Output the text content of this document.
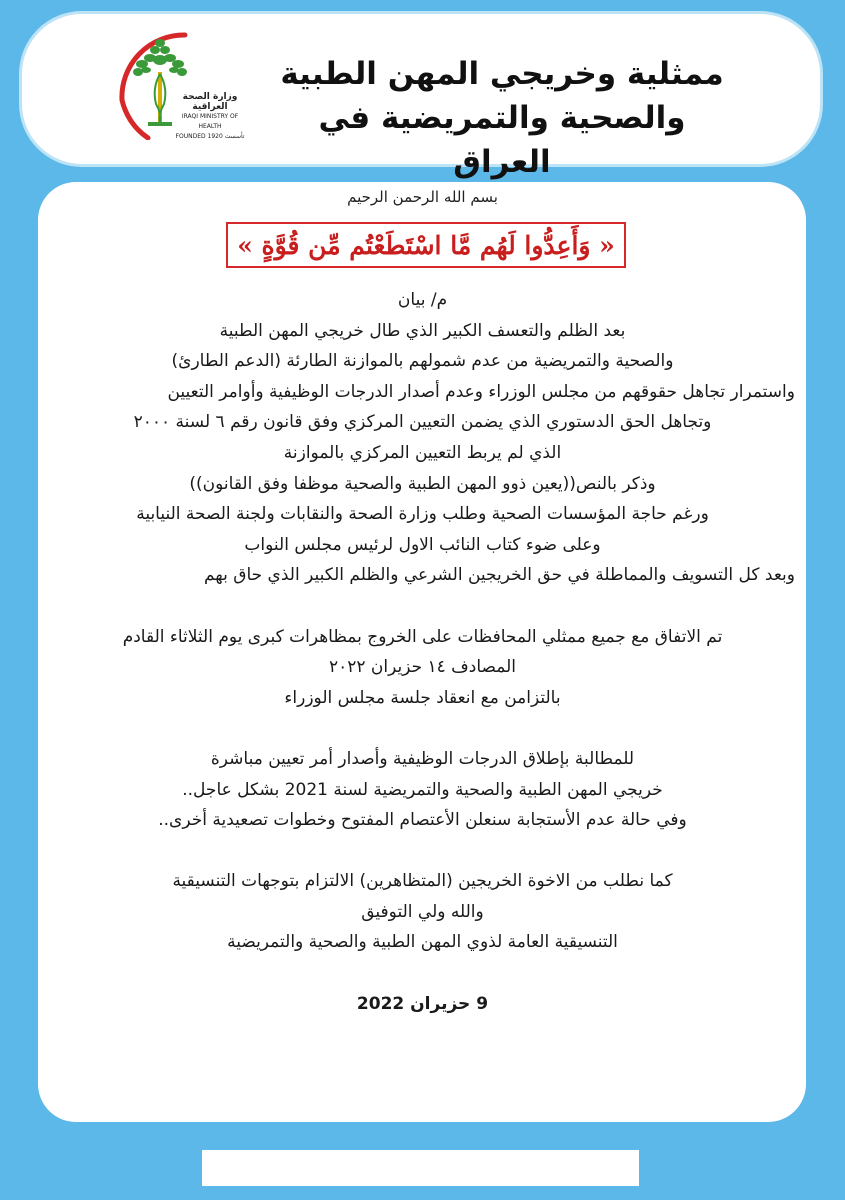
ممثلية وخريجي المهن الطبية
والصحية والتمريضية في العراق
وزارة الصحة العراقية
IRAQI MINISTRY OF HEALTH
FOUNDED 1920 تأسست
بسم الله الرحمن الرحيم
« وَأَعِدُّوا لَهُم مَّا اسْتَطَعْتُم مِّن قُوَّةٍ »
م/ بيان
بعد الظلم والتعسف الكبير الذي طال خريجي المهن الطبية
والصحية والتمريضية من عدم شمولهم بالموازنة الطارئة (الدعم الطارئ)
واستمرار تجاهل حقوقهم من مجلس الوزراء وعدم أصدار الدرجات الوظيفية وأوامر التعيين
وتجاهل الحق الدستوري الذي يضمن التعيين المركزي وفق قانون رقم ٦ لسنة ٢٠٠٠
الذي لم يربط التعيين المركزي بالموازنة
وذكر بالنص((يعين ذوو المهن الطبية والصحية موظفا وفق القانون))
ورغم حاجة المؤسسات الصحية وطلب وزارة الصحة والنقابات ولجنة الصحة النيابية
وعلى ضوء كتاب النائب الاول لرئيس مجلس النواب
وبعد كل التسويف والمماطلة في حق الخريجين الشرعي والظلم الكبير الذي حاق بهم
تم الاتفاق مع جميع ممثلي المحافظات على الخروج بمظاهرات كبرى يوم الثلاثاء القادم
المصادف ١٤ حزيران ٢٠٢٢
بالتزامن مع انعقاد جلسة مجلس الوزراء
للمطالبة بإطلاق الدرجات الوظيفية وأصدار أمر تعيين مباشرة
خريجي المهن الطبية والصحية والتمريضية لسنة 2021 بشكل عاجل..
وفي حالة عدم الأستجابة سنعلن الأعتصام المفتوح وخطوات تصعيدية أخرى..
كما نطلب من الاخوة الخريجين (المتظاهرين) الالتزام بتوجهات التنسيقية
والله ولي التوفيق
التنسيقية العامة لذوي المهن الطبية والصحية والتمريضية
9 حزيران 2022
